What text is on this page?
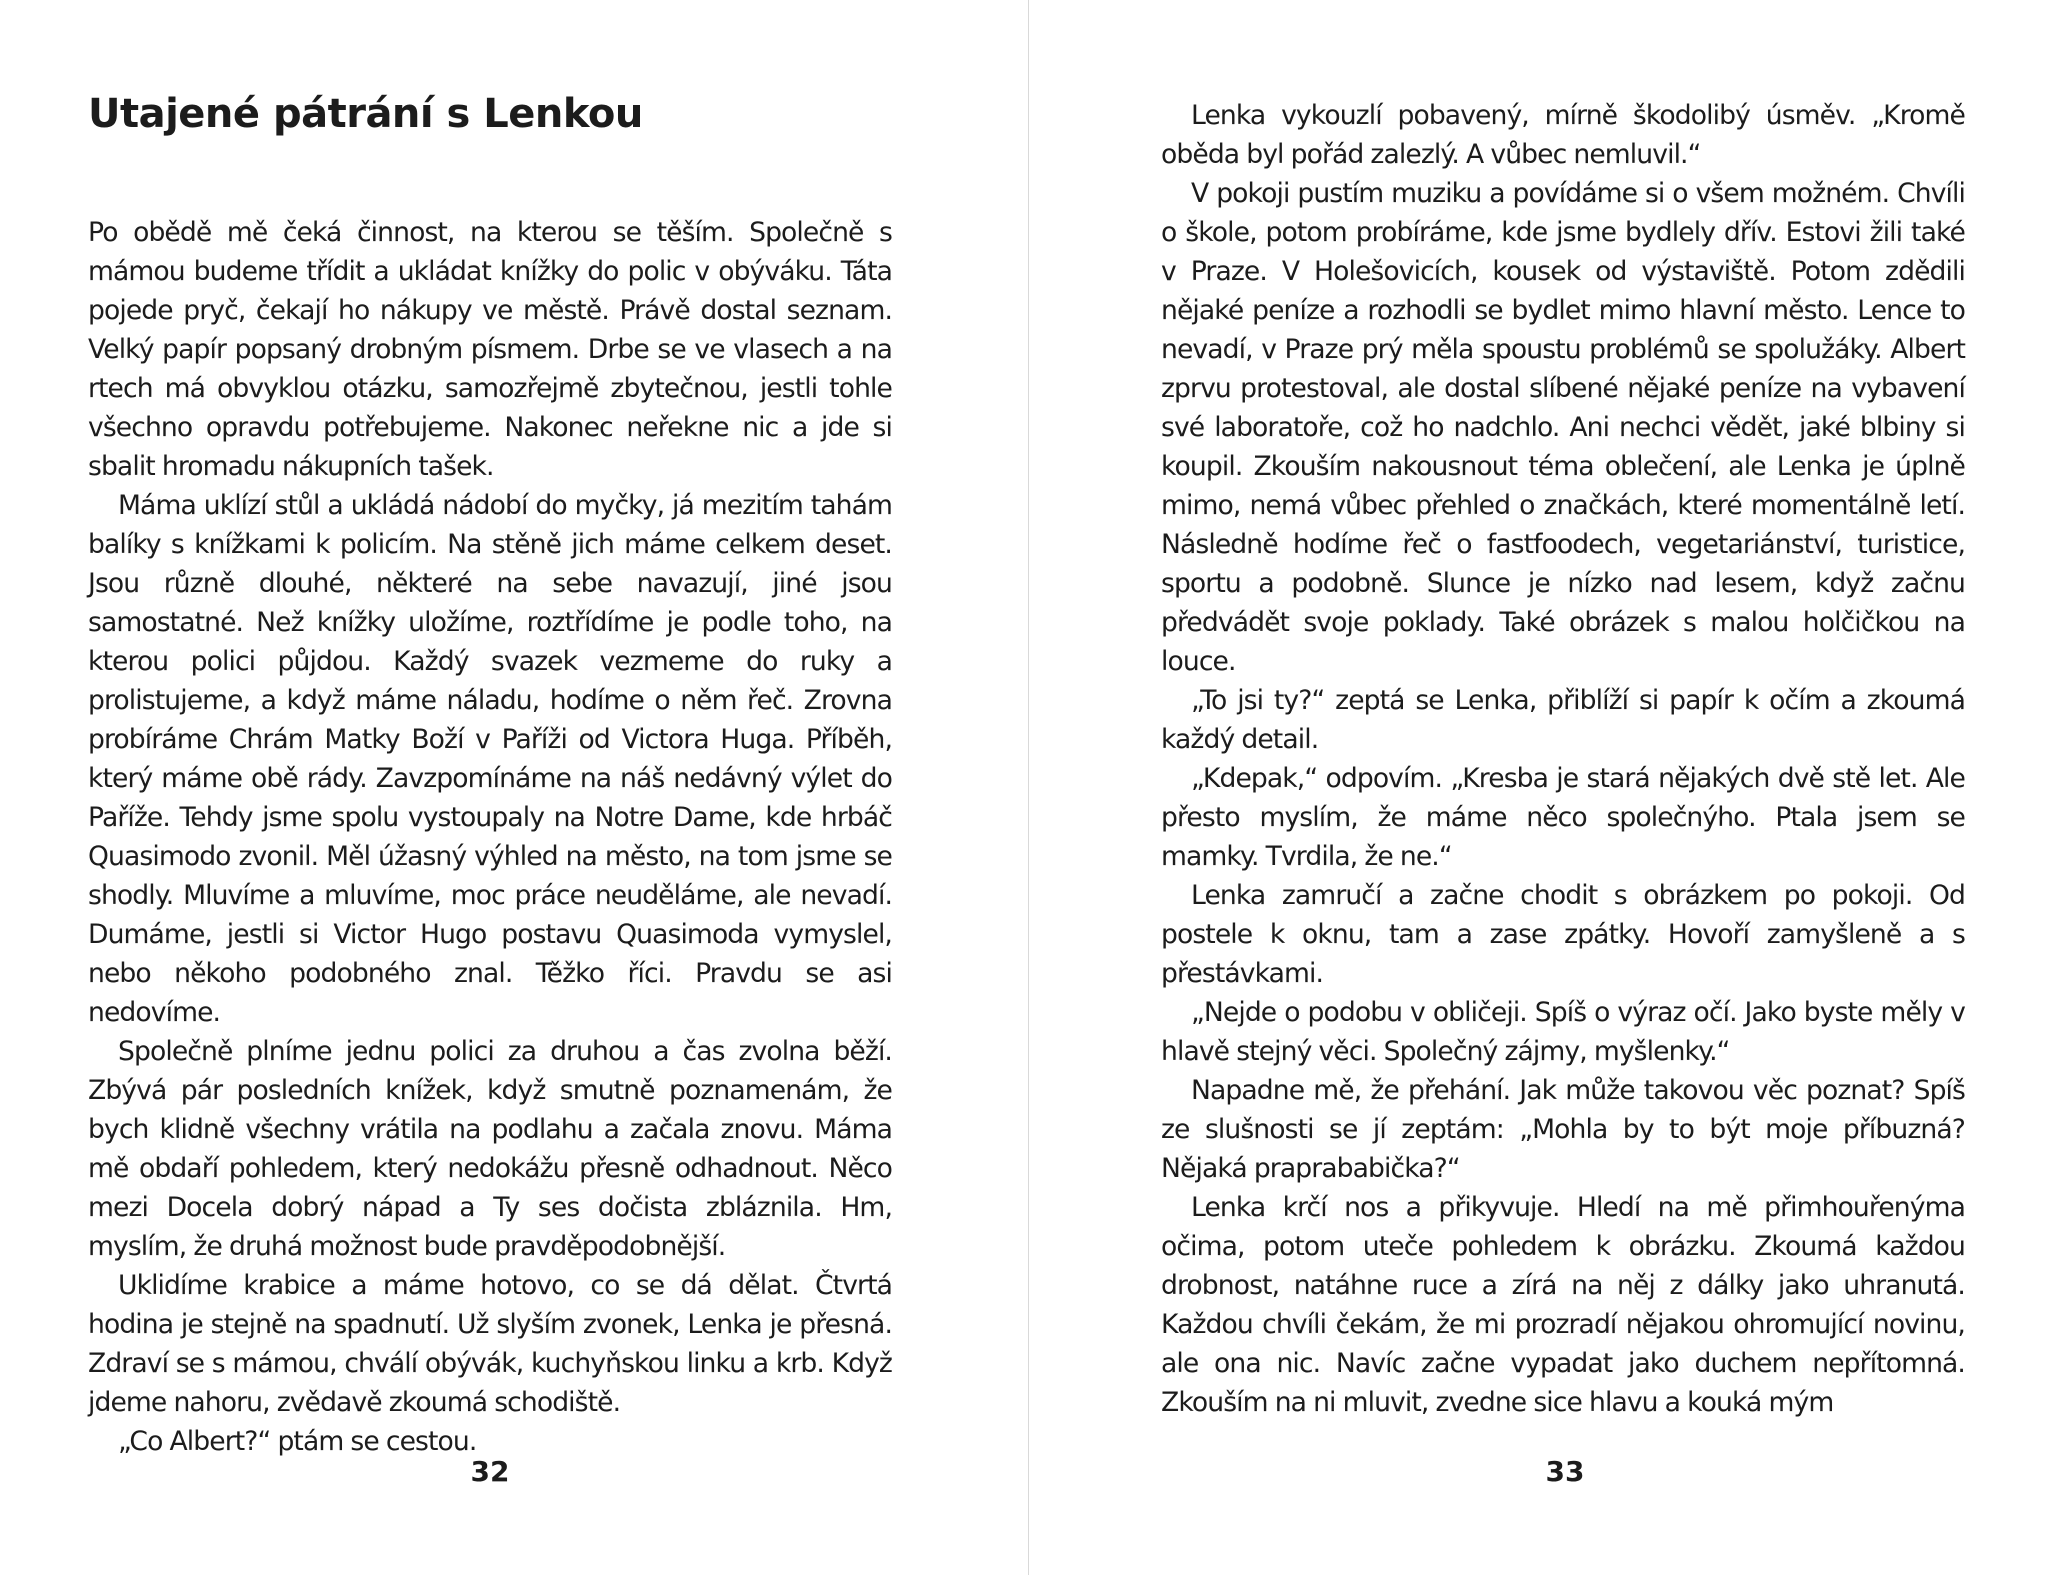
Utajené pátrání s Lenkou

Po obědě mě čeká činnost, na kterou se těším. Společně s mámou budeme třídit a ukládat knížky do polic v obýváku. Táta pojede pryč, čekají ho nákupy ve městě. Právě dostal seznam. Velký papír popsaný drobným písmem. Drbe se ve vlasech a na rtech má obvyklou otázku, samozřejmě zbytečnou, jestli tohle všechno opravdu potřebujeme. Nakonec neřekne nic a jde si sbalit hromadu nákupních tašek.

Máma uklízí stůl a ukládá nádobí do myčky, já mezitím tahám balíky s knížkami k policím. Na stěně jich máme celkem deset. Jsou různě dlouhé, některé na sebe navazují, jiné jsou samostatné. Než knížky uložíme, roztřídíme je podle toho, na kterou polici půjdou. Každý svazek vezmeme do ruky a prolistujeme, a když máme náladu, hodíme o něm řeč. Zrovna probíráme Chrám Matky Boží v Paříži od Victora Huga. Příběh, který máme obě rády. Zavzpomínáme na náš nedávný výlet do Paříže. Tehdy jsme spolu vystoupaly na Notre Dame, kde hrbáč Quasimodo zvonil. Měl úžasný výhled na město, na tom jsme se shodly. Mluvíme a mluvíme, moc práce neuděláme, ale nevadí. Dumáme, jestli si Victor Hugo postavu Quasimoda vymyslel, nebo někoho podobného znal. Těžko říci. Pravdu se asi nedovíme.

Společně plníme jednu polici za druhou a čas zvolna běží. Zbývá pár posledních knížek, když smutně poznamenám, že bych klidně všechny vrátila na podlahu a začala znovu. Máma mě obdaří pohledem, který nedokážu přesně odhadnout. Něco mezi Docela dobrý nápad a Ty ses dočista zbláznila. Hm, myslím, že druhá možnost bude pravděpodobnější.

Uklidíme krabice a máme hotovo, co se dá dělat. Čtvrtá hodina je stejně na spadnutí. Už slyším zvonek, Lenka je přesná. Zdraví se s mámou, chválí obývák, kuchyňskou linku a krb. Když jdeme nahoru, zvědavě zkoumá schodiště.

„Co Albert?“ ptám se cestou.

32

Lenka vykouzlí pobavený, mírně škodolibý úsměv. „Kromě oběda byl pořád zalezlý. A vůbec nemluvil.“

V pokoji pustím muziku a povídáme si o všem možném. Chvíli o škole, potom probíráme, kde jsme bydlely dřív. Estovi žili také v Praze. V Holešovicích, kousek od výstaviště. Potom zdědili nějaké peníze a rozhodli se bydlet mimo hlavní město. Lence to nevadí, v Praze prý měla spoustu problémů se spolužáky. Albert zprvu protestoval, ale dostal slíbené nějaké peníze na vybavení své laboratoře, což ho nadchlo. Ani nechci vědět, jaké blbiny si koupil. Zkouším nakousnout téma oblečení, ale Lenka je úplně mimo, nemá vůbec přehled o značkách, které momentálně letí. Následně hodíme řeč o fastfoodech, vegetariánství, turistice, sportu a podobně. Slunce je nízko nad lesem, když začnu předvádět svoje poklady. Také obrázek s malou holčičkou na louce.

„To jsi ty?“ zeptá se Lenka, přiblíží si papír k očím a zkoumá každý detail.

„Kdepak,“ odpovím. „Kresba je stará nějakých dvě stě let. Ale přesto myslím, že máme něco společnýho. Ptala jsem se mamky. Tvrdila, že ne.“

Lenka zamručí a začne chodit s obrázkem po pokoji. Od postele k oknu, tam a zase zpátky. Hovoří zamyšleně a s přestávkami.

„Nejde o podobu v obličeji. Spíš o výraz očí. Jako byste měly v hlavě stejný věci. Společný zájmy, myšlenky.“

Napadne mě, že přehání. Jak může takovou věc poznat? Spíš ze slušnosti se jí zeptám: „Mohla by to být moje příbuzná? Nějaká praprababička?“

Lenka krčí nos a přikyvuje. Hledí na mě přimhouřenýma očima, potom uteče pohledem k obrázku. Zkoumá každou drobnost, natáhne ruce a zírá na něj z dálky jako uhranutá. Každou chvíli čekám, že mi prozradí nějakou ohromující novinu, ale ona nic. Navíc začne vypadat jako duchem nepřítomná. Zkouším na ni mluvit, zvedne sice hlavu a kouká mým

33
